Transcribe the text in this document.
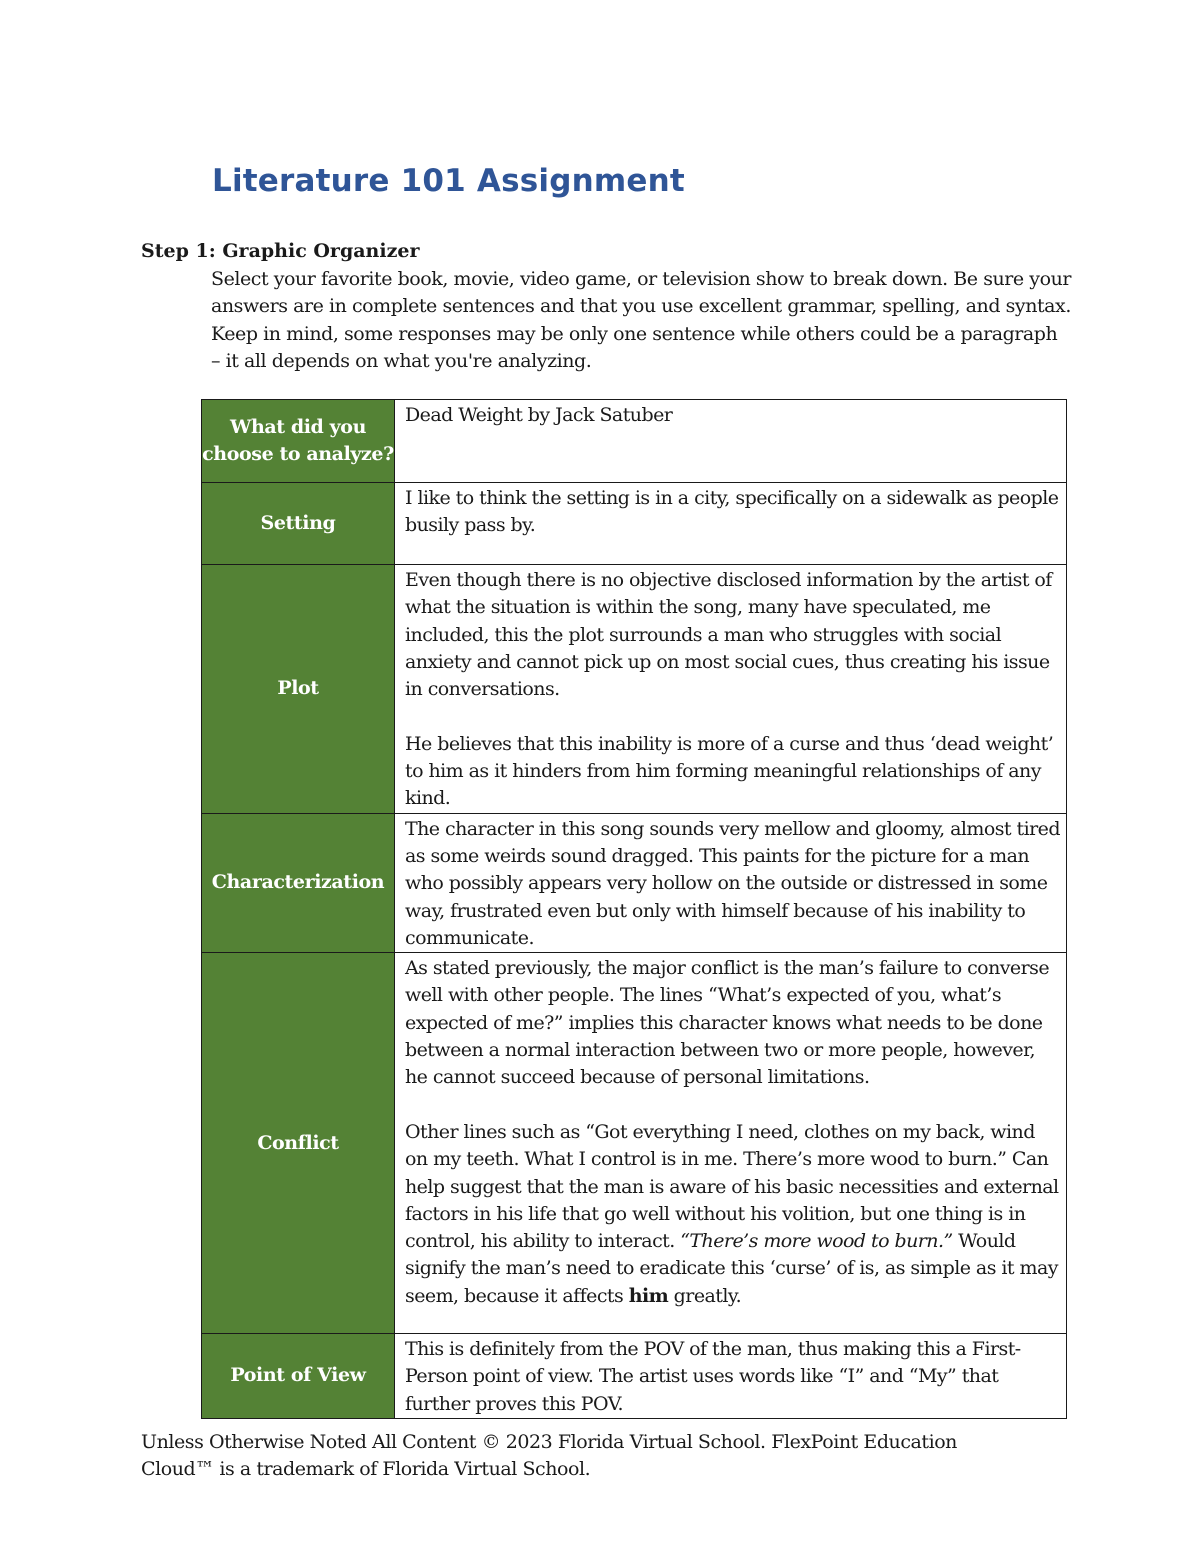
Literature 101 Assignment
Step 1: Graphic Organizer
Select your favorite book, movie, video game, or television show to break down. Be sure your answers are in complete sentences and that you use excellent grammar, spelling, and syntax. Keep in mind, some responses may be only one sentence while others could be a paragraph – it all depends on what you're analyzing.
What did you choose to analyze?	Dead Weight by Jack Satuber

Setting	I like to think the setting is in a city, specifically on a sidewalk as people busily pass by.

Plot	Even though there is no objective disclosed information by the artist of what the situation is within the song, many have speculated, me included, this the plot surrounds a man who struggles with social anxiety and cannot pick up on most social cues, thus creating his issue in conversations.

He believes that this inability is more of a curse and thus ‘dead weight’ to him as it hinders from him forming meaningful relationships of any kind.

Characterization	The character in this song sounds very mellow and gloomy, almost tired as some weirds sound dragged. This paints for the picture for a man who possibly appears very hollow on the outside or distressed in some way, frustrated even but only with himself because of his inability to communicate.

Conflict	As stated previously, the major conflict is the man’s failure to converse well with other people. The lines “What’s expected of you, what’s expected of me?” implies this character knows what needs to be done between a normal interaction between two or more people, however, he cannot succeed because of personal limitations.

Other lines such as “Got everything I need, clothes on my back, wind on my teeth. What I control is in me. There’s more wood to burn.” Can help suggest that the man is aware of his basic necessities and external factors in his life that go well without his volition, but one thing is in control, his ability to interact. “There’s more wood to burn.” Would signify the man’s need to eradicate this ‘curse’ of is, as simple as it may seem, because it affects him greatly.

Point of View	This is definitely from the POV of the man, thus making this a First-Person point of view. The artist uses words like “I” and “My” that further proves this POV.

Unless Otherwise Noted All Content © 2023 Florida Virtual School. FlexPoint Education Cloud™ is a trademark of Florida Virtual School.
